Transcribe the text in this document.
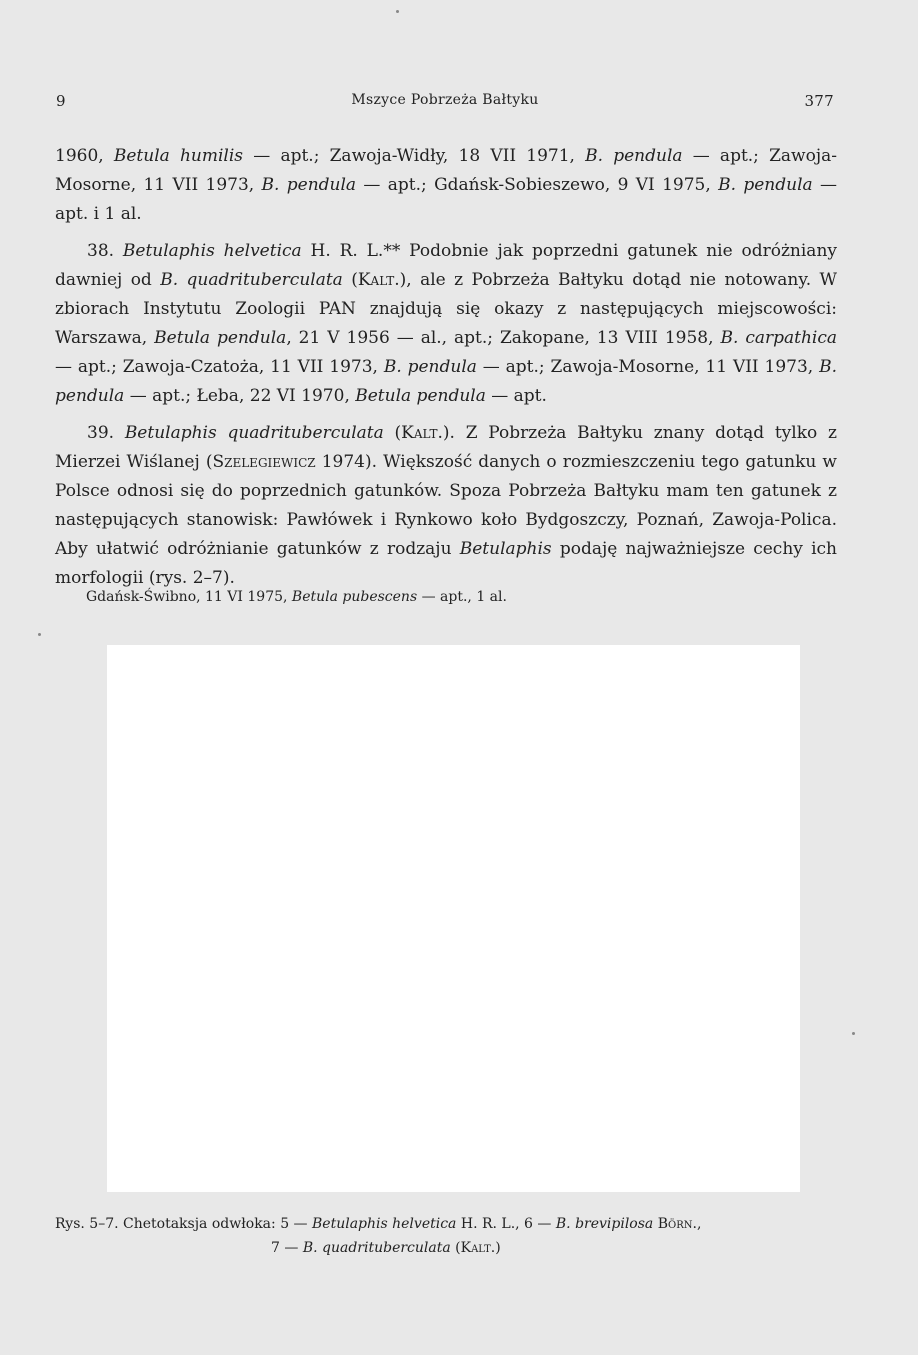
9	Mszyce Pobrzeża Bałtyku	377

1960, Betula humilis — apt.; Zawoja-Widły, 18 VII 1971, B. pendula — apt.; Zawoja-Mosorne, 11 VII 1973, B. pendula — apt.; Gdańsk-Sobieszewo, 9 VI 1975, B. pendula — apt. i 1 al.

38. Betulaphis helvetica H. R. L.** Podobnie jak poprzedni gatunek nie odróżniany dawniej od B. quadrituberculata (Kalt.), ale z Pobrzeża Bałtyku dotąd nie notowany. W zbiorach Instytutu Zoologii PAN znajdują się okazy z następujących miejscowości: Warszawa, Betula pendula, 21 V 1956 — al., apt.; Zakopane, 13 VIII 1958, B. carpathica — apt.; Zawoja-Czatoża, 11 VII 1973, B. pendula — apt.; Zawoja-Mosorne, 11 VII 1973, B. pendula — apt.; Łeba, 22 VI 1970, Betula pendula — apt.

39. Betulaphis quadrituberculata (Kalt.). Z Pobrzeża Bałtyku znany dotąd tylko z Mierzei Wiślanej (Szelegiewicz 1974). Większość danych o rozmieszczeniu tego gatunku w Polsce odnosi się do poprzednich gatunków. Spoza Pobrzeża Bałtyku mam ten gatunek z następujących stanowisk: Pawłówek i Rynkowo koło Bydgoszczy, Poznań, Zawoja-Polica. Aby ułatwić odróżnianie gatunków z rodzaju Betulaphis podaję najważniejsze cechy ich morfologii (rys. 2–7).

Gdańsk-Świbno, 11 VI 1975, Betula pubescens — apt., 1 al.
Rys. 5–7. Chetotaksja odwłoka: 5 — Betulaphis helvetica H. R. L., 6 — B. brevipilosa Börn.,
7 — B. quadrituberculata (Kalt.)
